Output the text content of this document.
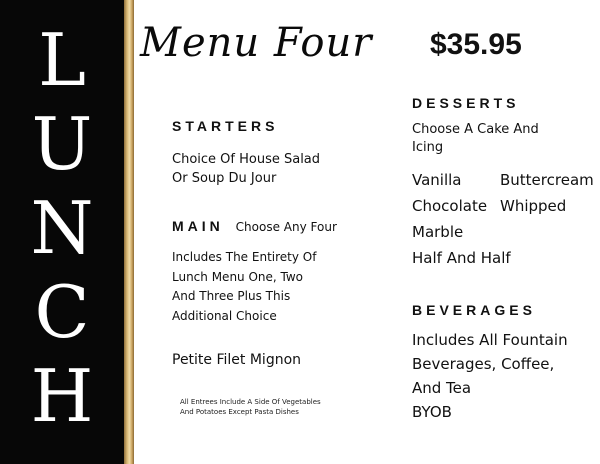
L
U
N
C
H
Menu Four $35.95
STARTERS
Choice Of House Salad
Or Soup Du Jour
MAIN Choose Any Four
Includes The Entirety Of
Lunch Menu One, Two
And Three Plus This
Additional Choice
Petite Filet Mignon
All Entrees Include A Side Of Vegetables
And Potatoes Except Pasta Dishes
DESSERTS
Choose A Cake And
Icing
Vanilla	Buttercream
Chocolate Whipped
Marble
Half And Half
BEVERAGES
Includes All Fountain
Beverages, Coffee,
And Tea
BYOB
